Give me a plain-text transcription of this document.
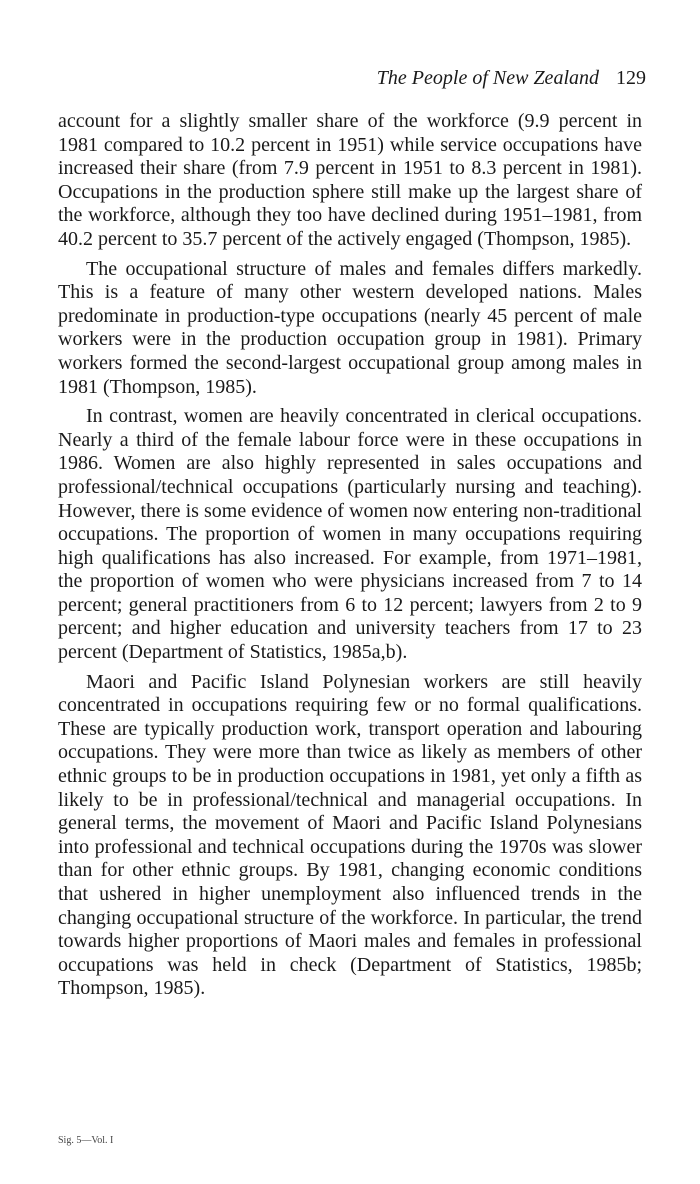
The People of New Zealand 129

account for a slightly smaller share of the workforce (9.9 percent in 1981 compared to 10.2 percent in 1951) while service occupations have increased their share (from 7.9 percent in 1951 to 8.3 percent in 1981). Occupations in the production sphere still make up the largest share of the workforce, although they too have declined during 1951–1981, from 40.2 percent to 35.7 percent of the actively engaged (Thompson, 1985).

The occupational structure of males and females differs markedly. This is a feature of many other western developed nations. Males predominate in production-type occupations (nearly 45 percent of male workers were in the production occupation group in 1981). Primary workers formed the second-largest occupational group among males in 1981 (Thompson, 1985).

In contrast, women are heavily concentrated in clerical occupations. Nearly a third of the female labour force were in these occupations in 1986. Women are also highly represented in sales occupations and professional/technical occupations (particularly nursing and teaching). However, there is some evidence of women now entering non-traditional occupations. The proportion of women in many occupations requiring high qualifications has also increased. For example, from 1971–1981, the proportion of women who were physicians increased from 7 to 14 percent; general practitioners from 6 to 12 percent; lawyers from 2 to 9 percent; and higher education and university teachers from 17 to 23 percent (Department of Statistics, 1985a,b).

Maori and Pacific Island Polynesian workers are still heavily concentrated in occupations requiring few or no formal qualifications. These are typically production work, transport operation and labouring occupations. They were more than twice as likely as members of other ethnic groups to be in production occupations in 1981, yet only a fifth as likely to be in professional/technical and managerial occupations. In general terms, the movement of Maori and Pacific Island Polynesians into professional and technical occupations during the 1970s was slower than for other ethnic groups. By 1981, changing economic conditions that ushered in higher unemployment also influenced trends in the changing occupational structure of the workforce. In particular, the trend towards higher proportions of Maori males and females in professional occupations was held in check (Department of Statistics, 1985b; Thompson, 1985).

Sig. 5—Vol. I
